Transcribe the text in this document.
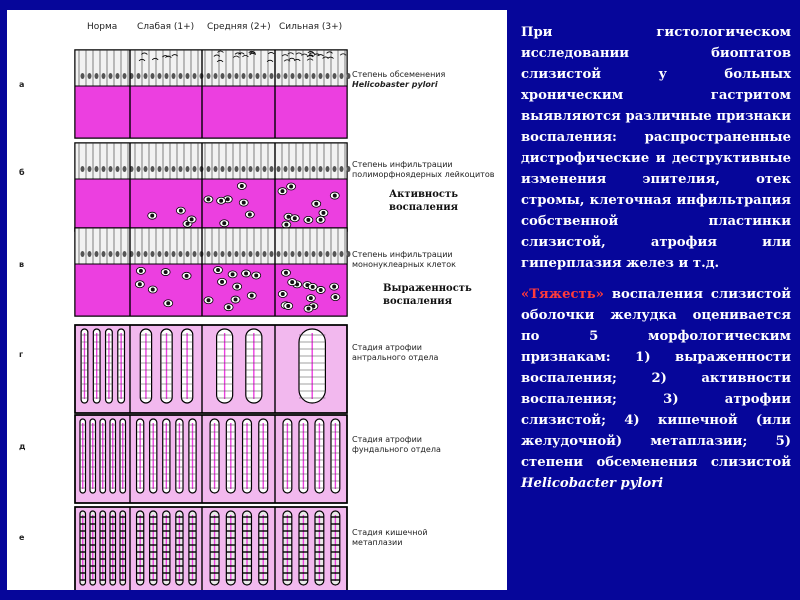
Норма Слабая (1+) Средняя (2+) Сильная (3+)
а
б
в
г
д
е
Степень обсеменения
Helicobaster pylori
Степень инфильтрации
полиморфноядерных лейкоцитов
Степень инфильтрации
мононуклеарных клеток
Стадия атрофии
антрального отдела
Стадия атрофии
фундального отдела
Стадия кишечной
метаплазии
Активность
воспаления
Выраженность
воспаления

При гистологическом исследовании биоптатов слизистой у больных хроническим гастритом выявляются различные признаки воспаления: распространенные дистрофические и деструктивные изменения эпителия, отек стромы, клеточная инфильтрация собственной пластинки слизистой, атрофия или гиперплазия желез и т.д.

«Тяжесть» воспаления слизистой оболочки желудка оценивается по 5 морфологическим признакам: 1) выраженности воспаления; 2) активности воспаления; 3) атрофии слизистой; 4) кишечной (или желудочной) метаплазии; 5) степени обсеменения слизистой Helicobacter pylori
